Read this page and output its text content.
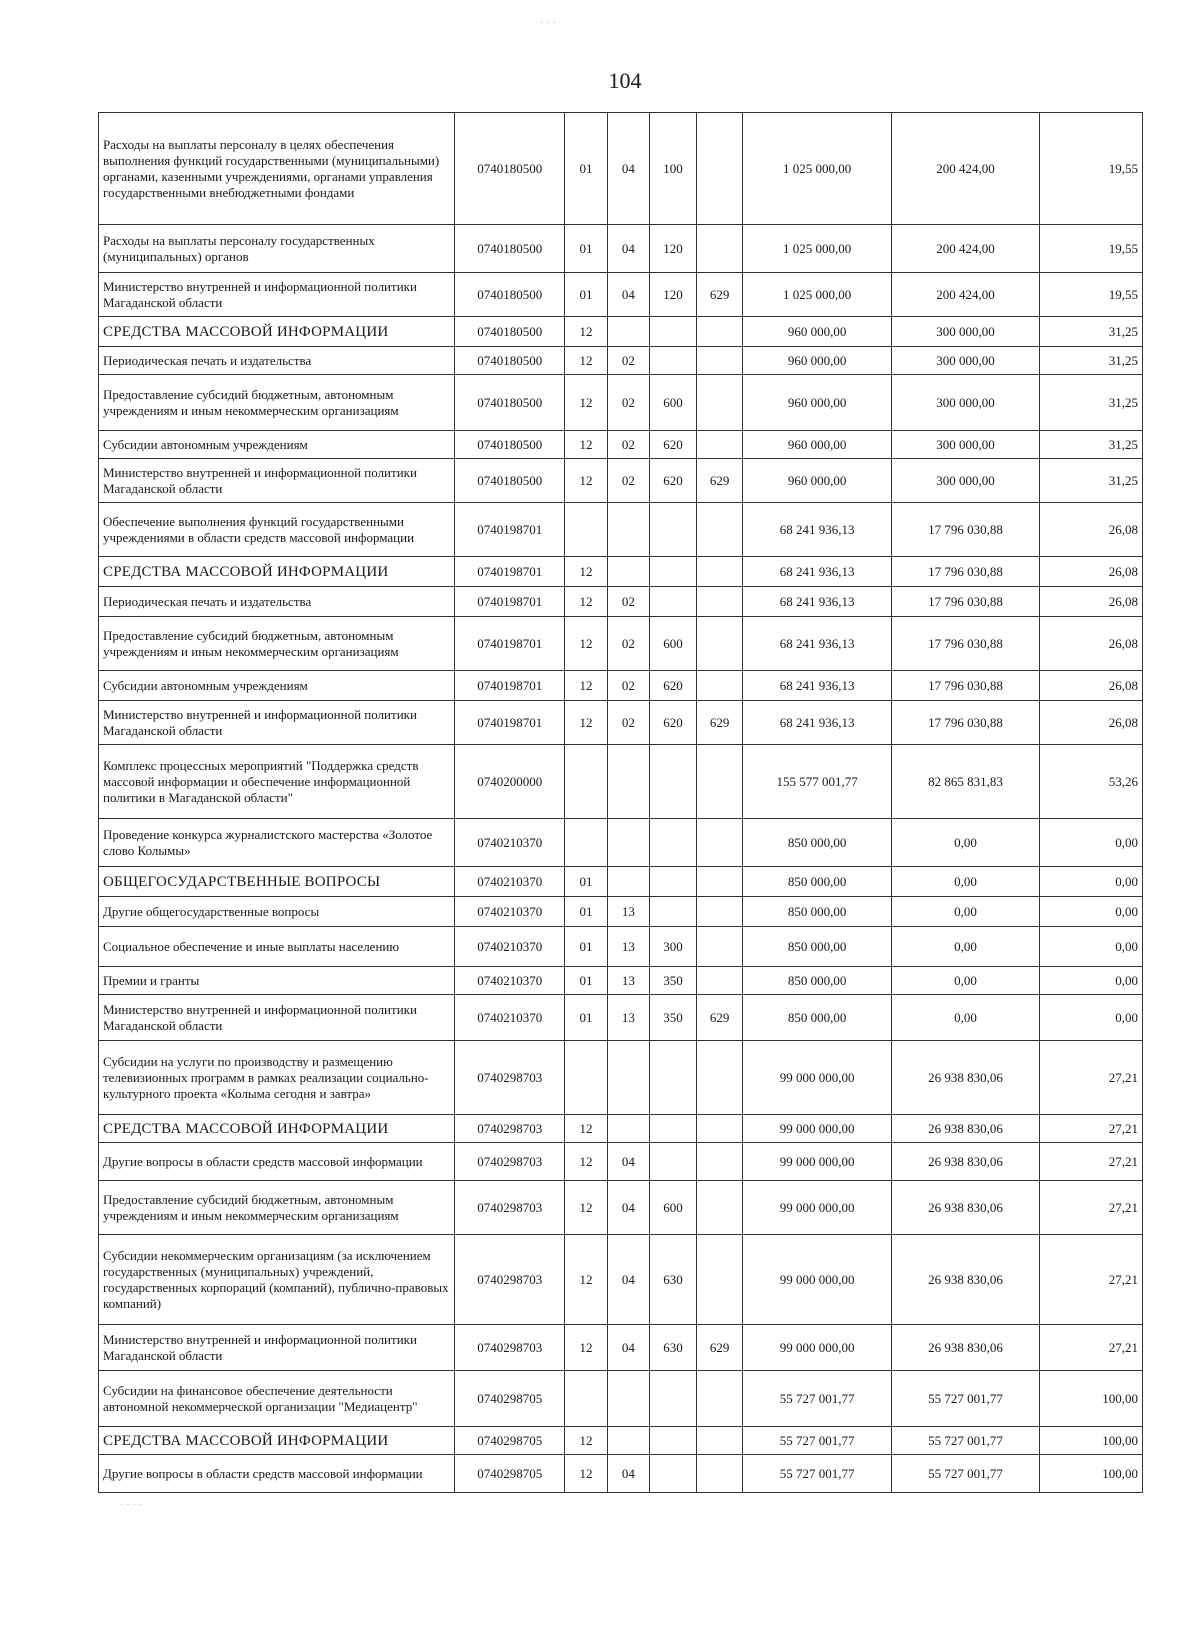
104
Расходы на выплаты персоналу в целях обеспечения выполнения функций государственными (муниципальными) органами, казенными учреждениями, органами управления государственными внебюджетными фондами	0740180500	01	04	100		1 025 000,00	200 424,00	19,55
Расходы на выплаты персоналу государственных (муниципальных) органов	0740180500	01	04	120		1 025 000,00	200 424,00	19,55
Министерство внутренней и информационной политики Магаданской области	0740180500	01	04	120	629	1 025 000,00	200 424,00	19,55
СРЕДСТВА МАССОВОЙ ИНФОРМАЦИИ	0740180500	12				960 000,00	300 000,00	31,25
Периодическая печать и издательства	0740180500	12	02			960 000,00	300 000,00	31,25
Предоставление субсидий бюджетным, автономным учреждениям и иным некоммерческим организациям	0740180500	12	02	600		960 000,00	300 000,00	31,25
Субсидии автономным учреждениям	0740180500	12	02	620		960 000,00	300 000,00	31,25
Министерство внутренней и информационной политики Магаданской области	0740180500	12	02	620	629	960 000,00	300 000,00	31,25
Обеспечение выполнения функций государственными учреждениями в области средств массовой информации	0740198701					68 241 936,13	17 796 030,88	26,08
СРЕДСТВА МАССОВОЙ ИНФОРМАЦИИ	0740198701	12				68 241 936,13	17 796 030,88	26,08
Периодическая печать и издательства	0740198701	12	02			68 241 936,13	17 796 030,88	26,08
Предоставление субсидий бюджетным, автономным учреждениям и иным некоммерческим организациям	0740198701	12	02	600		68 241 936,13	17 796 030,88	26,08
Субсидии автономным учреждениям	0740198701	12	02	620		68 241 936,13	17 796 030,88	26,08
Министерство внутренней и информационной политики Магаданской области	0740198701	12	02	620	629	68 241 936,13	17 796 030,88	26,08
Комплекс процессных мероприятий "Поддержка средств массовой информации и обеспечение информационной политики в Магаданской области"	0740200000					155 577 001,77	82 865 831,83	53,26
Проведение конкурса журналистского мастерства «Золотое слово Колымы»	0740210370					850 000,00	0,00	0,00
ОБЩЕГОСУДАРСТВЕННЫЕ ВОПРОСЫ	0740210370	01				850 000,00	0,00	0,00
Другие общегосударственные вопросы	0740210370	01	13			850 000,00	0,00	0,00
Социальное обеспечение и иные выплаты населению	0740210370	01	13	300		850 000,00	0,00	0,00
Премии и гранты	0740210370	01	13	350		850 000,00	0,00	0,00
Министерство внутренней и информационной политики Магаданской области	0740210370	01	13	350	629	850 000,00	0,00	0,00
Субсидии на услуги по производству и размещению телевизионных программ в рамках реализации социально-культурного проекта «Колыма сегодня и завтра»	0740298703					99 000 000,00	26 938 830,06	27,21
СРЕДСТВА МАССОВОЙ ИНФОРМАЦИИ	0740298703	12				99 000 000,00	26 938 830,06	27,21
Другие вопросы в области средств массовой информации	0740298703	12	04			99 000 000,00	26 938 830,06	27,21
Предоставление субсидий бюджетным, автономным учреждениям и иным некоммерческим организациям	0740298703	12	04	600		99 000 000,00	26 938 830,06	27,21
Субсидии некоммерческим организациям (за исключением государственных (муниципальных) учреждений, государственных корпораций (компаний), публично-правовых компаний)	0740298703	12	04	630		99 000 000,00	26 938 830,06	27,21
Министерство внутренней и информационной политики Магаданской области	0740298703	12	04	630	629	99 000 000,00	26 938 830,06	27,21
Субсидии на финансовое обеспечение деятельности автономной некоммерческой организации "Медиацентр"	0740298705					55 727 001,77	55 727 001,77	100,00
СРЕДСТВА МАССОВОЙ ИНФОРМАЦИИ	0740298705	12				55 727 001,77	55 727 001,77	100,00
Другие вопросы в области средств массовой информации	0740298705	12	04			55 727 001,77	55 727 001,77	100,00
· · ·
· · · ·
